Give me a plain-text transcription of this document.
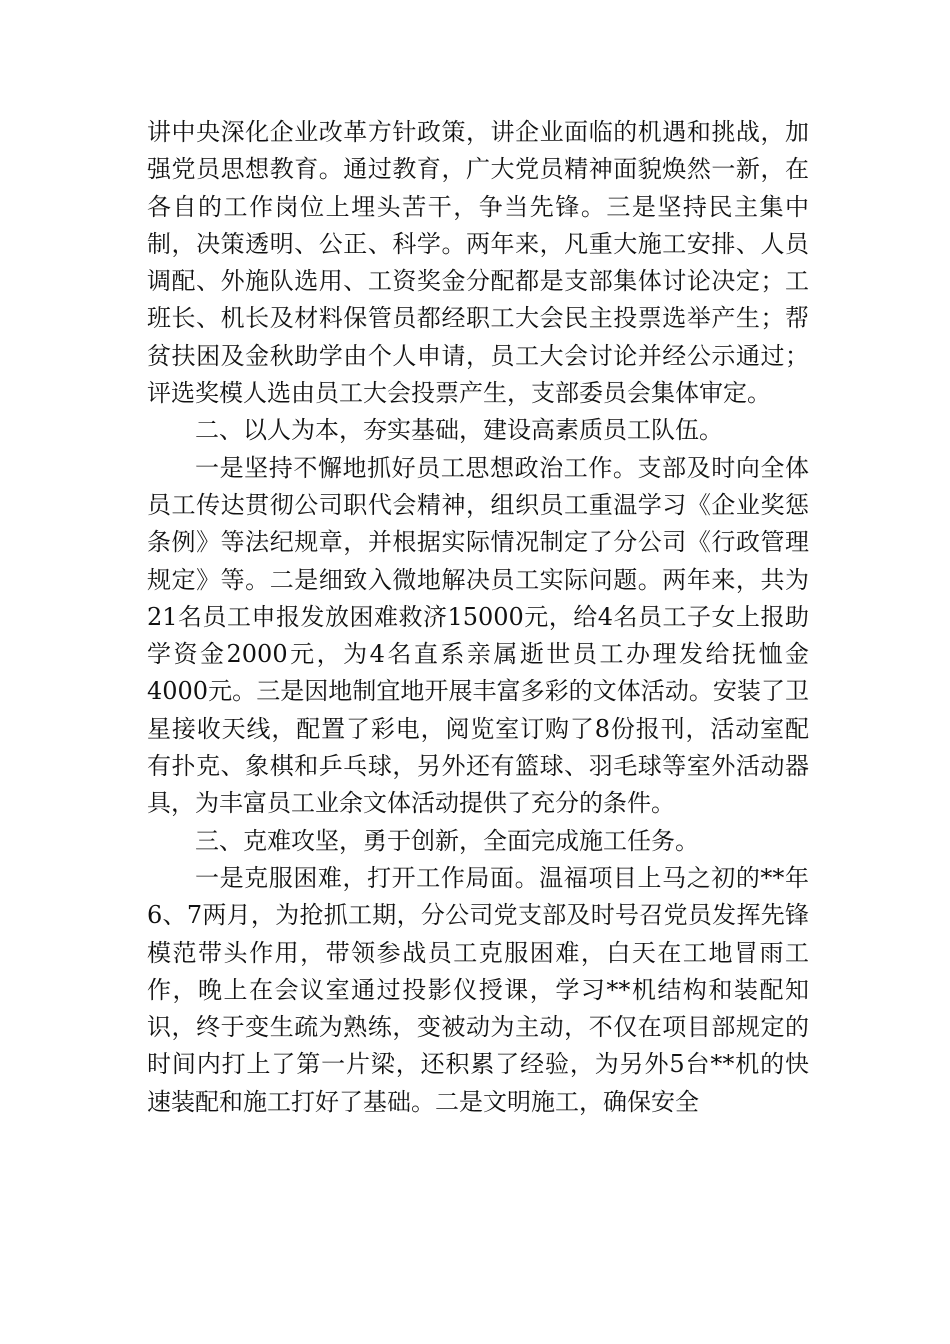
讲中央深化企业改革方针政策，讲企业面临的机遇和挑战，加强党员思想教育。通过教育，广大党员精神面貌焕然一新，在各自的工作岗位上埋头苦干，争当先锋。三是坚持民主集中制，决策透明、公正、科学。两年来，凡重大施工安排、人员调配、外施队选用、工资奖金分配都是支部集体讨论决定；工班长、机长及材料保管员都经职工大会民主投票选举产生；帮贫扶困及金秋助学由个人申请，员工大会讨论并经公示通过；评选奖模人选由员工大会投票产生，支部委员会集体审定。

二、以人为本，夯实基础，建设高素质员工队伍。

一是坚持不懈地抓好员工思想政治工作。支部及时向全体员工传达贯彻公司职代会精神，组织员工重温学习《企业奖惩条例》等法纪规章，并根据实际情况制定了分公司《行政管理规定》等。二是细致入微地解决员工实际问题。两年来，共为21名员工申报发放困难救济15000元，给4名员工子女上报助学资金2000元，为4名直系亲属逝世员工办理发给抚恤金4000元。三是因地制宜地开展丰富多彩的文体活动。安装了卫星接收天线，配置了彩电，阅览室订购了8份报刊，活动室配有扑克、象棋和乒乓球，另外还有篮球、羽毛球等室外活动器具，为丰富员工业余文体活动提供了充分的条件。

三、克难攻坚，勇于创新，全面完成施工任务。

一是克服困难，打开工作局面。温福项目上马之初的**年6、7两月，为抢抓工期，分公司党支部及时号召党员发挥先锋模范带头作用，带领参战员工克服困难，白天在工地冒雨工作，晚上在会议室通过投影仪授课，学习**机结构和装配知识，终于变生疏为熟练，变被动为主动，不仅在项目部规定的时间内打上了第一片梁，还积累了经验，为另外5台**机的快速装配和施工打好了基础。二是文明施工，确保安全
